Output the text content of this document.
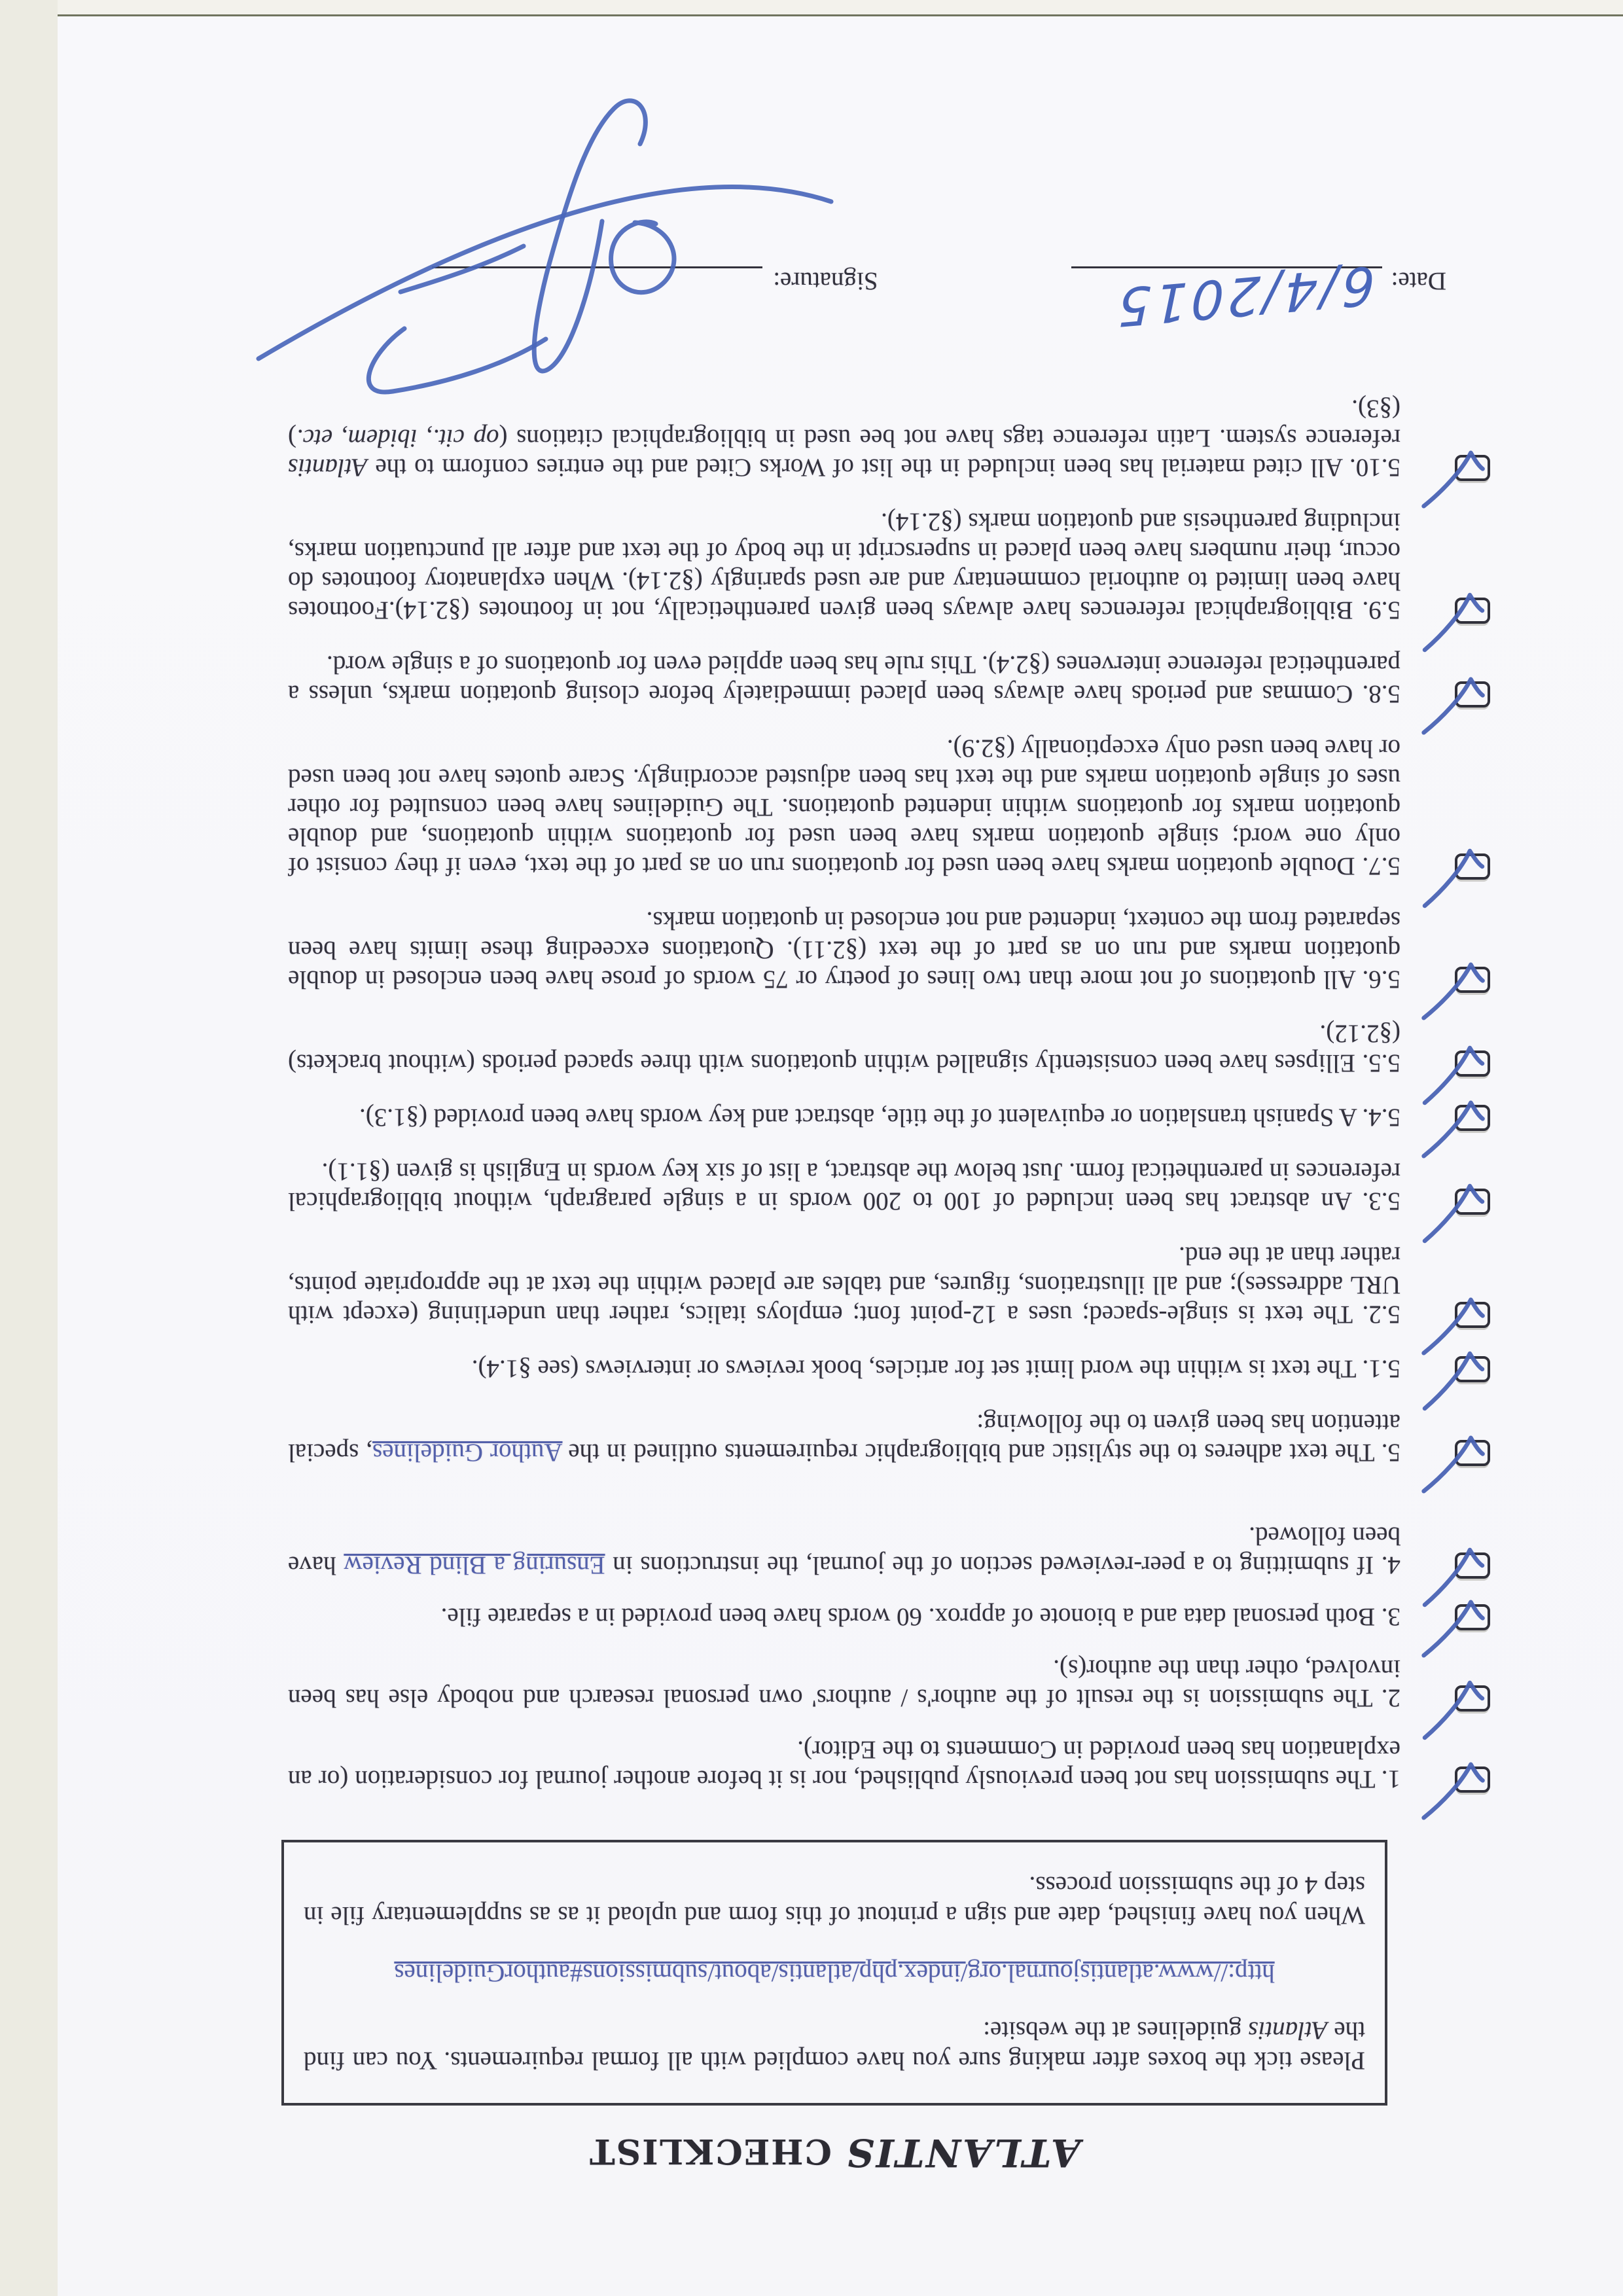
ATLANTIS CHECKLIST

Please tick the boxes after making sure you have complied with all formal requirements. You can find the Atlantis guidelines at the website:

http://www.atlantisjournal.org/index.php/atlantis/about/submissions#authorGuidelines

When you have finished, date and sign a printout of this form and upload it as as supplementary file in step 4 of the submission process.

1. The submission has not been previously published, nor is it before another journal for consideration (or an explanation has been provided in Comments to the Editor).

2. The submission is the result of the author's / authors' own personal research and nobody else has been involved, other than the author(s).

3. Both personal data and a bionote of approx. 60 words have been provided in a separate file.

4. If submitting to a peer-reviewed section of the journal, the instructions in Ensuring a Blind Review have been followed.

5. The text adheres to the stylistic and bibliographic requirements outlined in the Author Guidelines, special attention has been given to the following:

5.1. The text is within the word limit set for articles, book reviews or interviews (see §1.4).

5.2. The text is single-spaced; uses a 12-point font; employs italics, rather than underlining (except with URL addresses); and all illustrations, figures, and tables are placed within the text at the appropriate points, rather than at the end.

5.3. An abstract has been included of 100 to 200 words in a single paragraph, without bibliographical references in parenthetical form. Just below the abstract, a list of six key words in English is given (§1.1).

5.4. A Spanish translation or equivalent of the title, abstract and key words have been provided (§1.3).

5.5. Ellipses have been consistently signalled within quotations with three spaced periods (without brackets) (§2.12).

5.6. All quotations of not more than two lines of poetry or 75 words of prose have been enclosed in double quotation marks and run on as part of the text (§2.11). Quotations exceeding these limits have been separated from the context, indented and not enclosed in quotation marks.

5.7. Double quotation marks have been used for quotations run on as part of the text, even if they consist of only one word; single quotation marks have been used for quotations within quotations, and double quotation marks for quotations within indented quotations. The Guidelines have been consulted for other uses of single quotation marks and the text has been adjusted accordingly. Scare quotes have not been used or have been used only exceptionally (§2.9).

5.8. Commas and periods have always been placed immediately before closing quotation marks, unless a parenthetical reference intervenes (§2.4). This rule has been applied even for quotations of a single word.

5.9. Bibliographical references have always been given parenthetically, not in footnotes (§2.14).Footnotes have been limited to authorial commentary and are used sparingly (§2.14). When explanatory footnotes do occur, their numbers have been placed in superscript in the body of the text and after all punctuation marks, including parenthesis and quotation marks (§2.14).

5.10. All cited material has been included in the list of Works Cited and the entries conform to the Atlantis reference system. Latin reference tags have not bee used in bibliographical citations (op cit., ibidem, etc.) (§3).

Date:
6/4/2015
Signature:
